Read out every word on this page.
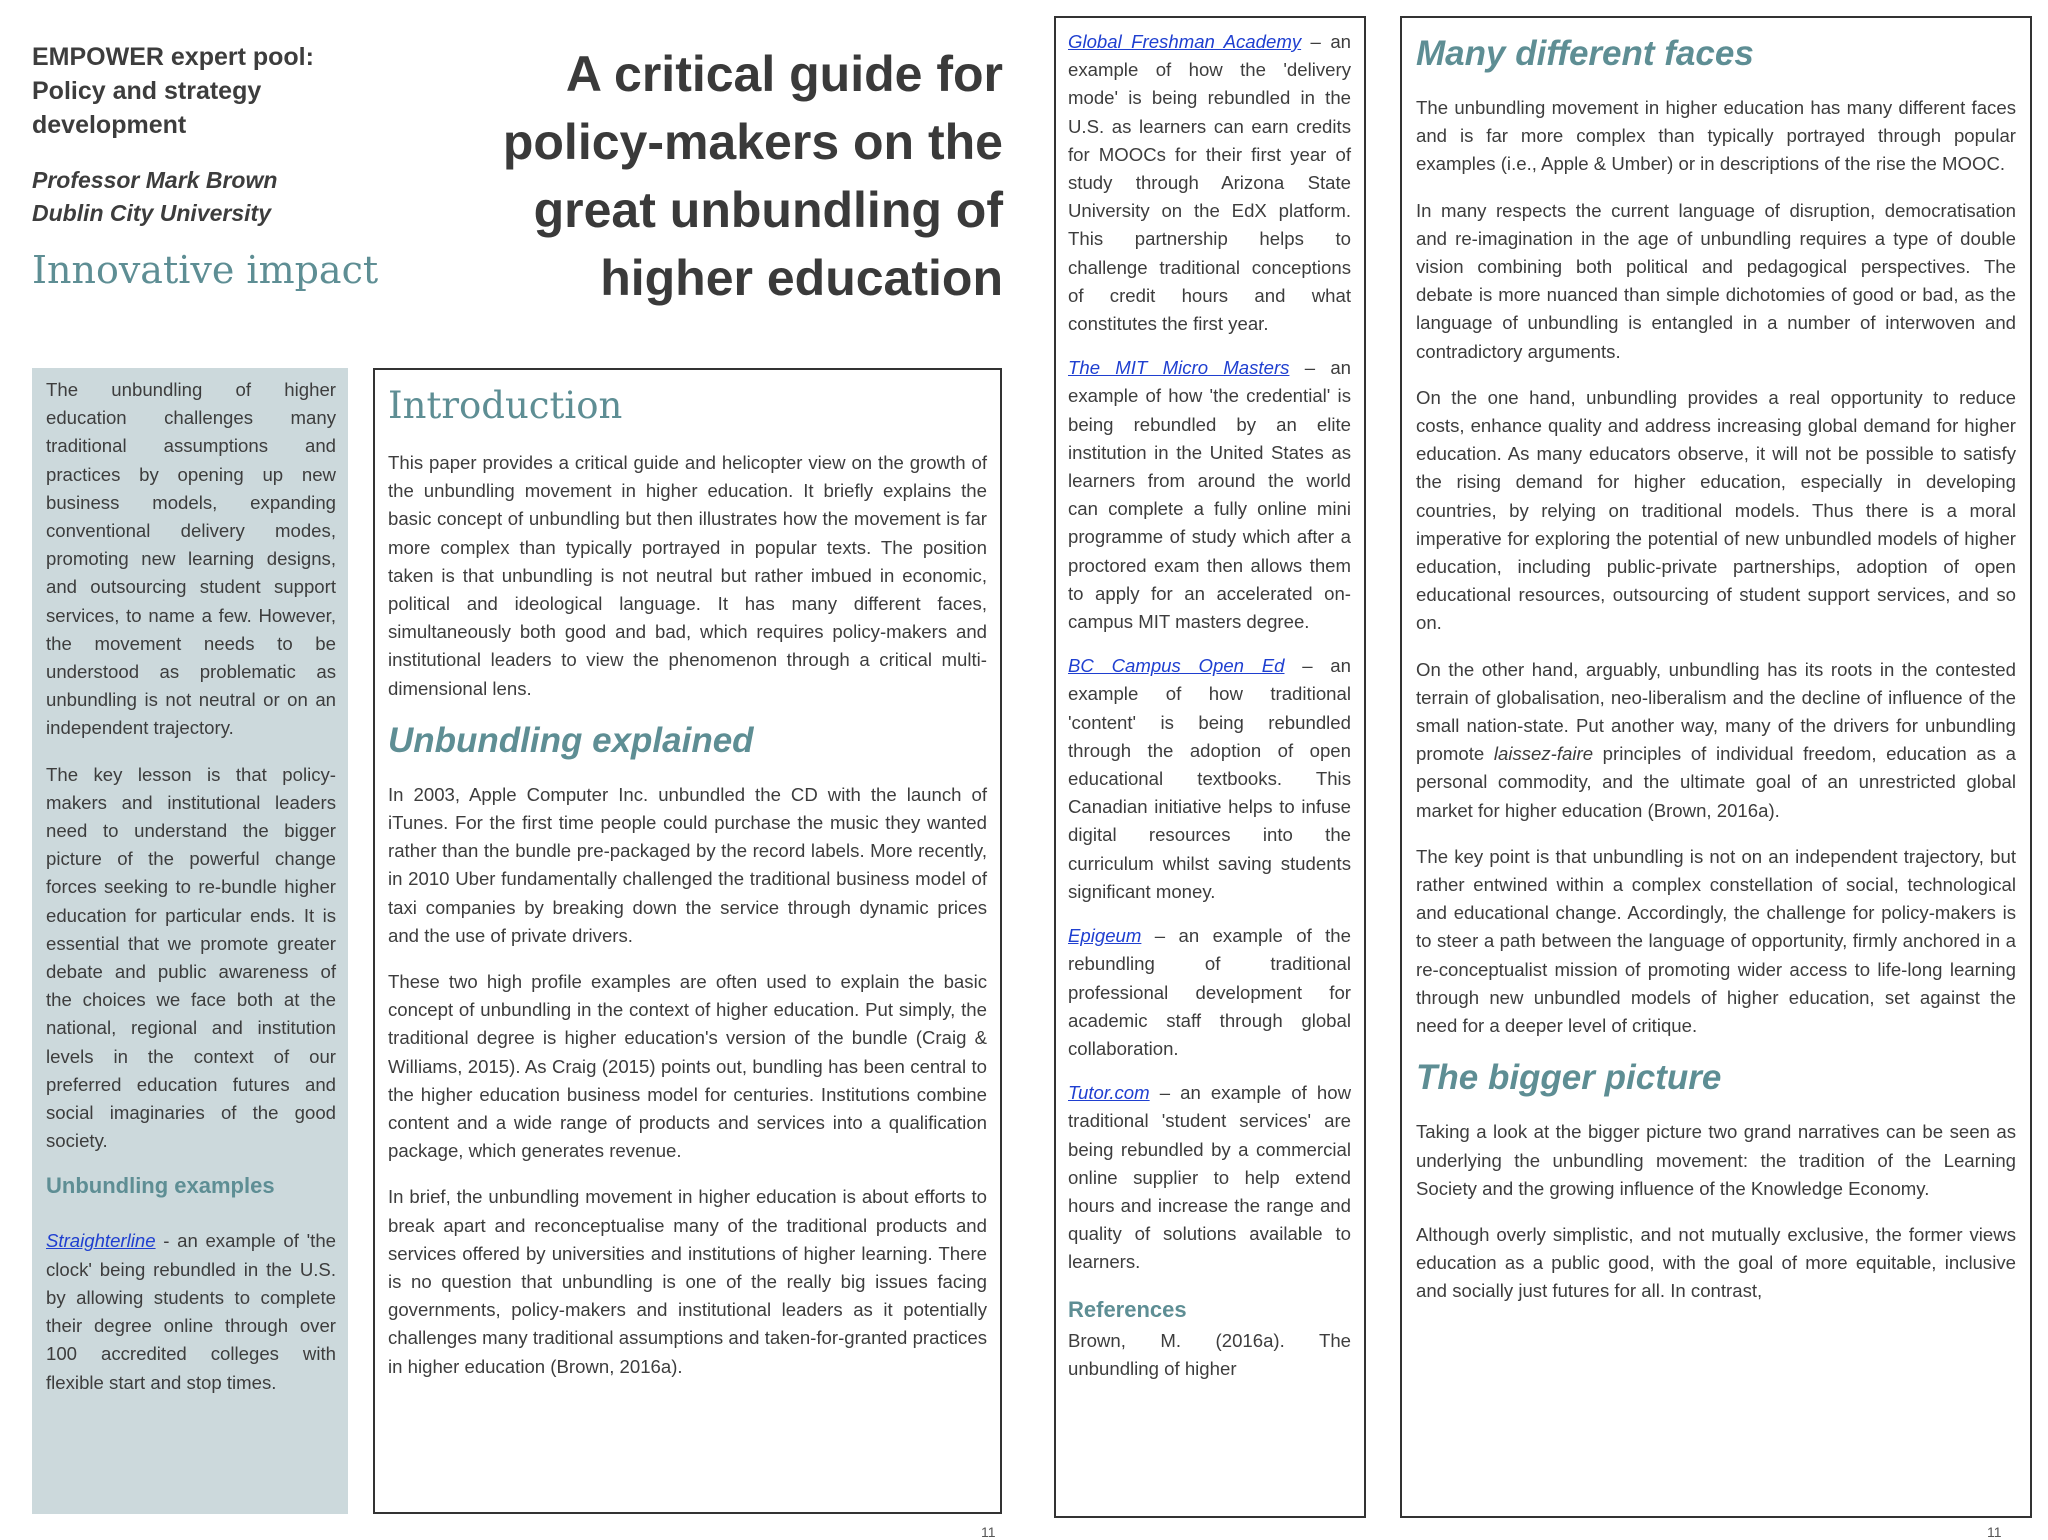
EMPOWER expert pool:
Policy and strategy
development
Professor Mark Brown
Dublin City University
Innovative impact
A critical guide for
policy-makers on the
great unbundling of
higher education

The unbundling of higher education challenges many traditional assumptions and practices by opening up new business models, expanding conventional delivery modes, promoting new learning designs, and outsourcing student support services, to name a few. However, the movement needs to be understood as problematic as unbundling is not neutral or on an independent trajectory.

The key lesson is that policy-makers and institutional leaders need to understand the bigger picture of the powerful change forces seeking to re-bundle higher education for particular ends. It is essential that we promote greater debate and public awareness of the choices we face both at the national, regional and institution levels in the context of our preferred education futures and social imaginaries of the good society.

Unbundling examples

Straighterline - an example of 'the clock' being rebundled in the U.S. by allowing students to complete their degree online through over 100 accredited colleges with flexible start and stop times.

Introduction

This paper provides a critical guide and helicopter view on the growth of the unbundling movement in higher education. It briefly explains the basic concept of unbundling but then illustrates how the movement is far more complex than typically portrayed in popular texts. The position taken is that unbundling is not neutral but rather imbued in economic, political and ideological language. It has many different faces, simultaneously both good and bad, which requires policy-makers and institutional leaders to view the phenomenon through a critical multi-dimensional lens.

Unbundling explained

In 2003, Apple Computer Inc. unbundled the CD with the launch of iTunes. For the first time people could purchase the music they wanted rather than the bundle pre-packaged by the record labels. More recently, in 2010 Uber fundamentally challenged the traditional business model of taxi companies by breaking down the service through dynamic prices and the use of private drivers.

These two high profile examples are often used to explain the basic concept of unbundling in the context of higher education. Put simply, the traditional degree is higher education's version of the bundle (Craig & Williams, 2015). As Craig (2015) points out, bundling has been central to the higher education business model for centuries. Institutions combine content and a wide range of products and services into a qualification package, which generates revenue.

In brief, the unbundling movement in higher education is about efforts to break apart and reconceptualise many of the traditional products and services offered by universities and institutions of higher learning. There is no question that unbundling is one of the really big issues facing governments, policy-makers and institutional leaders as it potentially challenges many traditional assumptions and taken-for-granted practices in higher education (Brown, 2016a).

Global Freshman Academy – an example of how the 'delivery mode' is being rebundled in the U.S. as learners can earn credits for MOOCs for their first year of study through Arizona State University on the EdX platform. This partnership helps to challenge traditional conceptions of credit hours and what constitutes the first year.

The MIT Micro Masters – an example of how 'the credential' is being rebundled by an elite institution in the United States as learners from around the world can complete a fully online mini programme of study which after a proctored exam then allows them to apply for an accelerated on-campus MIT masters degree.

BC Campus Open Ed – an example of how traditional 'content' is being rebundled through the adoption of open educational textbooks. This Canadian initiative helps to infuse digital resources into the curriculum whilst saving students significant money.

Epigeum – an example of the rebundling of traditional professional development for academic staff through global collaboration.

Tutor.com – an example of how traditional 'student services' are being rebundled by a commercial online supplier to help extend hours and increase the range and quality of solutions available to learners.

References

Brown, M. (2016a). The unbundling of higher

Many different faces

The unbundling movement in higher education has many different faces and is far more complex than typically portrayed through popular examples (i.e., Apple & Umber) or in descriptions of the rise the MOOC.

In many respects the current language of disruption, democratisation and re-imagination in the age of unbundling requires a type of double vision combining both political and pedagogical perspectives. The debate is more nuanced than simple dichotomies of good or bad, as the language of unbundling is entangled in a number of interwoven and contradictory arguments.

On the one hand, unbundling provides a real opportunity to reduce costs, enhance quality and address increasing global demand for higher education. As many educators observe, it will not be possible to satisfy the rising demand for higher education, especially in developing countries, by relying on traditional models. Thus there is a moral imperative for exploring the potential of new unbundled models of higher education, including public-private partnerships, adoption of open educational resources, outsourcing of student support services, and so on.

On the other hand, arguably, unbundling has its roots in the contested terrain of globalisation, neo-liberalism and the decline of influence of the small nation-state. Put another way, many of the drivers for unbundling promote laissez-faire principles of individual freedom, education as a personal commodity, and the ultimate goal of an unrestricted global market for higher education (Brown, 2016a).

The key point is that unbundling is not on an independent trajectory, but rather entwined within a complex constellation of social, technological and educational change. Accordingly, the challenge for policy-makers is to steer a path between the language of opportunity, firmly anchored in a re-conceptualist mission of promoting wider access to life-long learning through new unbundled models of higher education, set against the need for a deeper level of critique.

The bigger picture

Taking a look at the bigger picture two grand narratives can be seen as underlying the unbundling movement: the tradition of the Learning Society and the growing influence of the Knowledge Economy.

Although overly simplistic, and not mutually exclusive, the former views education as a public good, with the goal of more equitable, inclusive and socially just futures for all. In contrast,

11	11
